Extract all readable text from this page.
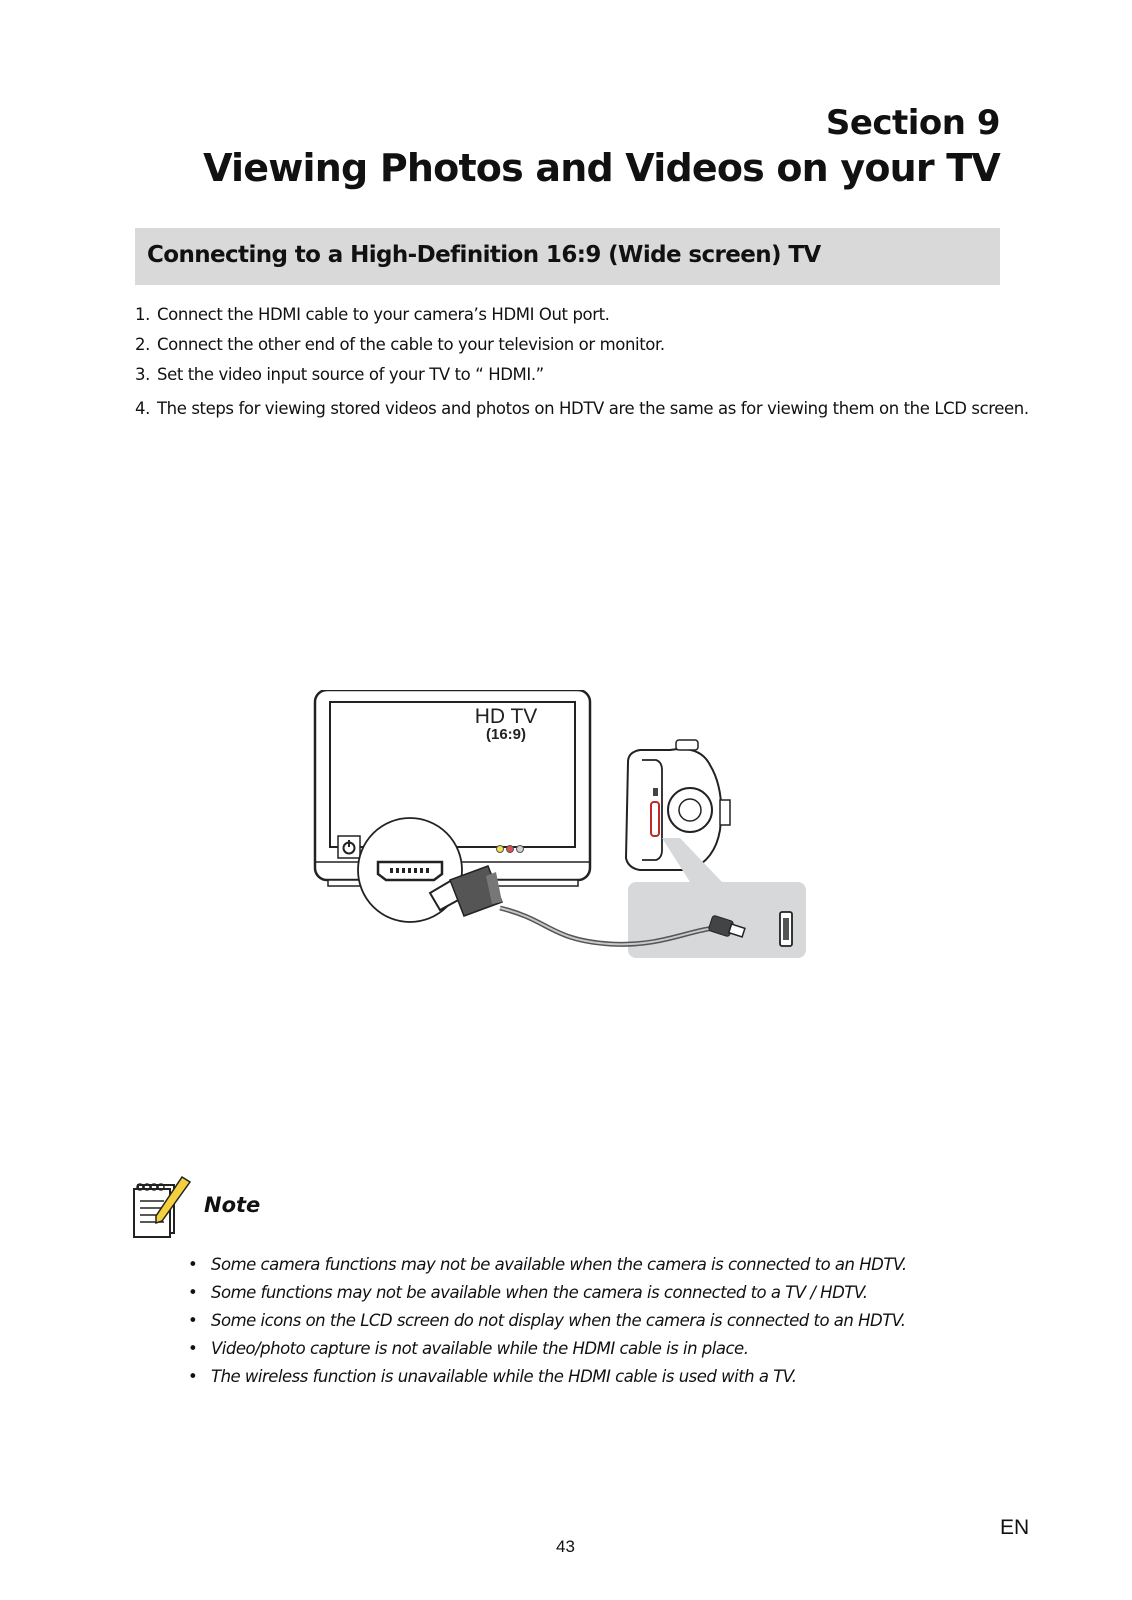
Section 9
Viewing Photos and Videos on your TV
Connecting to a High-Definition 16:9 (Wide screen) TV
1. Connect the HDMI cable to your camera’s HDMI Out port.
2. Connect the other end of the cable to your television or monitor.
3. Set the video input source of your TV to “ HDMI.”
4. The steps for viewing stored videos and photos on HDTV are the same as for viewing them on the LCD screen.
HD TV
(16:9)
Note
• Some camera functions may not be available when the camera is connected to an HDTV.
• Some functions may not be available when the camera is connected to a TV / HDTV.
• Some icons on the LCD screen do not display when the camera is connected to an HDTV.
• Video/photo capture is not available while the HDMI cable is in place.
• The wireless function is unavailable while the HDMI cable is used with a TV.
EN
43
